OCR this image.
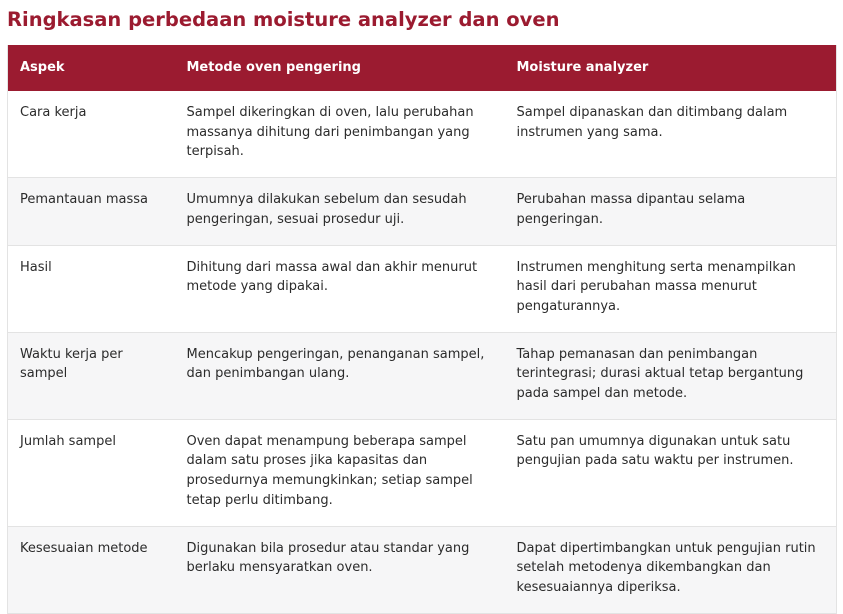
Ringkasan perbedaan moisture analyzer dan oven
Aspek	Metode oven pengering	Moisture analyzer
Cara kerja	Sampel dikeringkan di oven, lalu perubahan massanya dihitung dari penimbangan yang terpisah.	Sampel dipanaskan dan ditimbang dalam instrumen yang sama.
Pemantauan massa	Umumnya dilakukan sebelum dan sesudah pengeringan, sesuai prosedur uji.	Perubahan massa dipantau selama pengeringan.
Hasil	Dihitung dari massa awal dan akhir menurut metode yang dipakai.	Instrumen menghitung serta menampilkan hasil dari perubahan massa menurut pengaturannya.
Waktu kerja per sampel	Mencakup pengeringan, penanganan sampel, dan penimbangan ulang.	Tahap pemanasan dan penimbangan terintegrasi; durasi aktual tetap bergantung pada sampel dan metode.
Jumlah sampel	Oven dapat menampung beberapa sampel dalam satu proses jika kapasitas dan prosedurnya memungkinkan; setiap sampel tetap perlu ditimbang.	Satu pan umumnya digunakan untuk satu pengujian pada satu waktu per instrumen.
Kesesuaian metode	Digunakan bila prosedur atau standar yang berlaku mensyaratkan oven.	Dapat dipertimbangkan untuk pengujian rutin setelah metodenya dikembangkan dan kesesuaiannya diperiksa.
